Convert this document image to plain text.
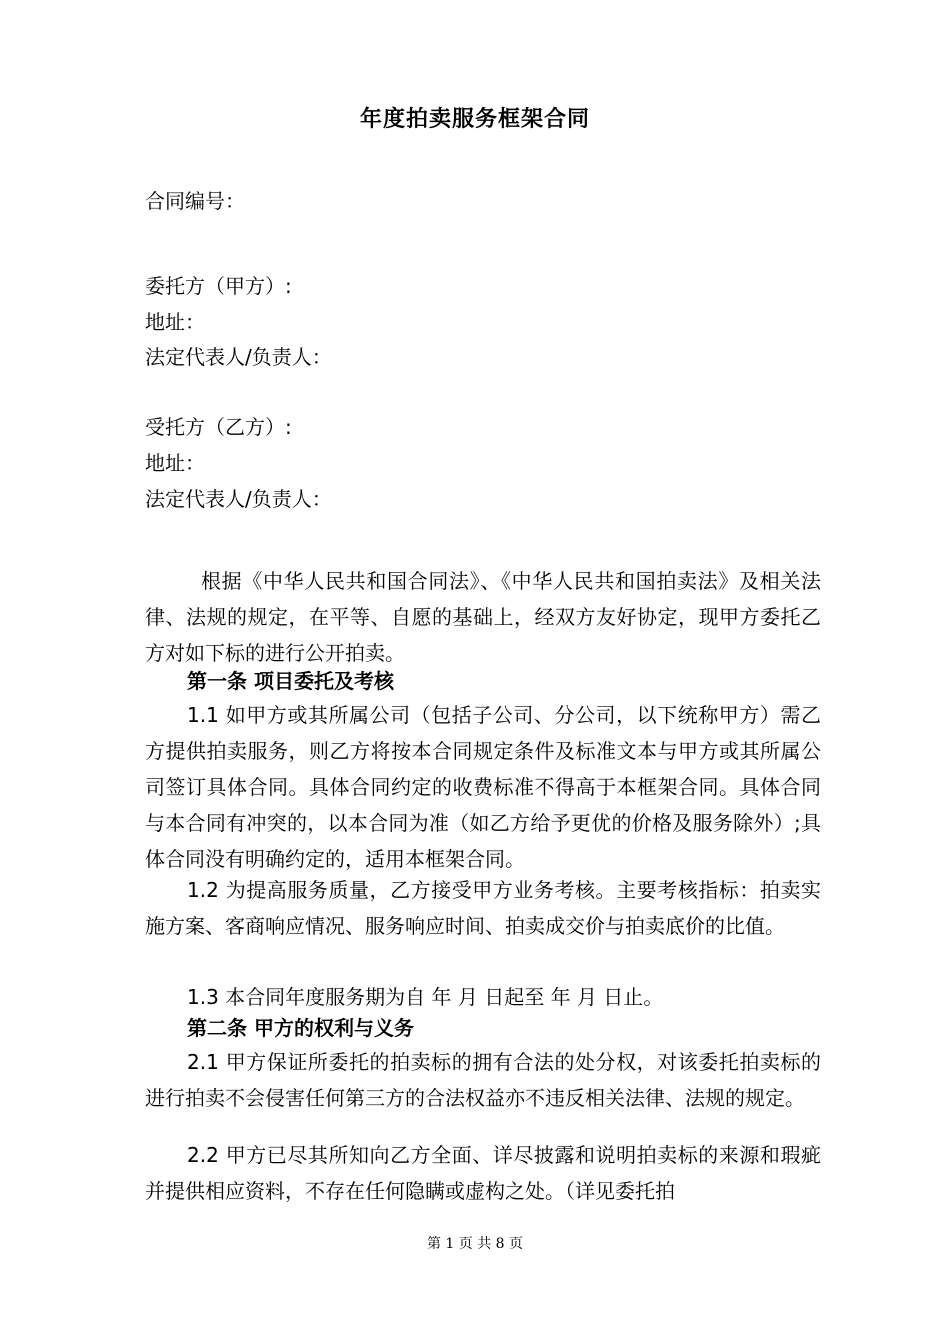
年度拍卖服务框架合同
合同编号：
委托方（甲方）:
地址：
法定代表人/负责人：
受托方（乙方）:
地址：
法定代表人/负责人：
根据《中华人民共和国合同法》、《中华人民共和国拍卖法》及相关法律、法规的规定，在平等、自愿的基础上，经双方友好协定，现甲方委托乙方对如下标的进行公开拍卖。
第一条 项目委托及考核
1.1 如甲方或其所属公司（包括子公司、分公司，以下统称甲方）需乙方提供拍卖服务，则乙方将按本合同规定条件及标准文本与甲方或其所属公司签订具体合同。具体合同约定的收费标准不得高于本框架合同。具体合同与本合同有冲突的，以本合同为准（如乙方给予更优的价格及服务除外）;具体合同没有明确约定的，适用本框架合同。
1.2 为提高服务质量，乙方接受甲方业务考核。主要考核指标：拍卖实施方案、客商响应情况、服务响应时间、拍卖成交价与拍卖底价的比值。
1.3 本合同年度服务期为自 年 月 日起至 年 月 日止。
第二条 甲方的权利与义务
2.1 甲方保证所委托的拍卖标的拥有合法的处分权，对该委托拍卖标的进行拍卖不会侵害任何第三方的合法权益亦不违反相关法律、法规的规定。
2.2 甲方已尽其所知向乙方全面、详尽披露和说明拍卖标的来源和瑕疵并提供相应资料，不存在任何隐瞒或虚构之处。（详见委托拍
第 1 页 共 8 页
